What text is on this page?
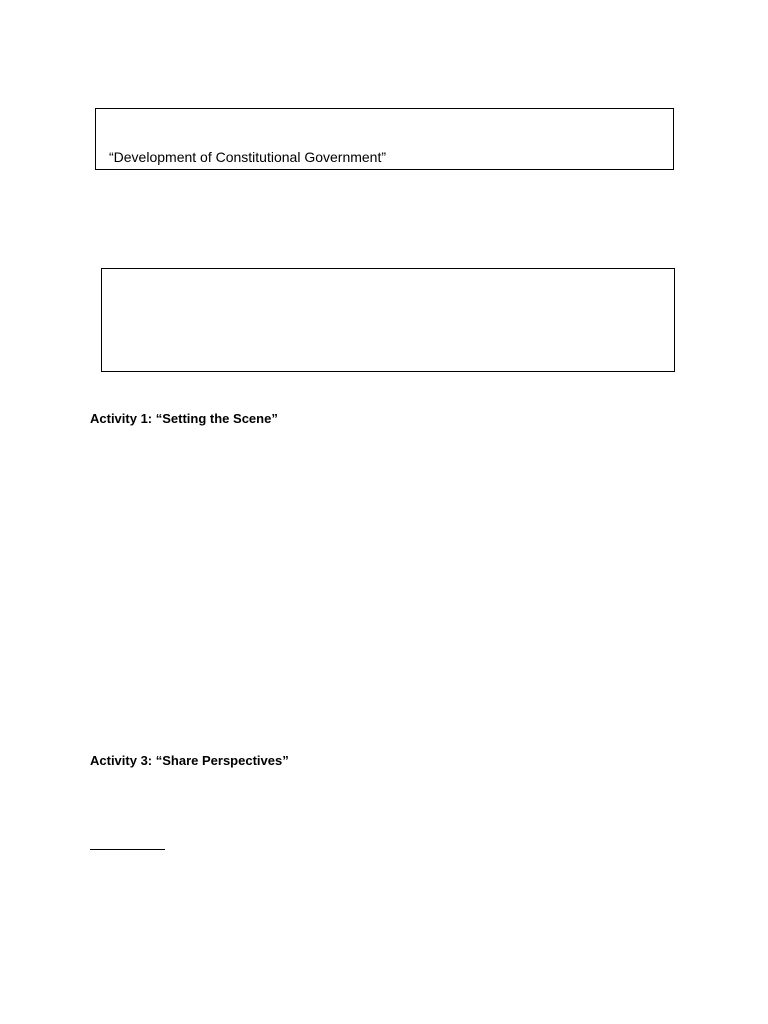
“Development of Constitutional Government”
Activity 1: “Setting the Scene”
Activity 3: “Share Perspectives”
